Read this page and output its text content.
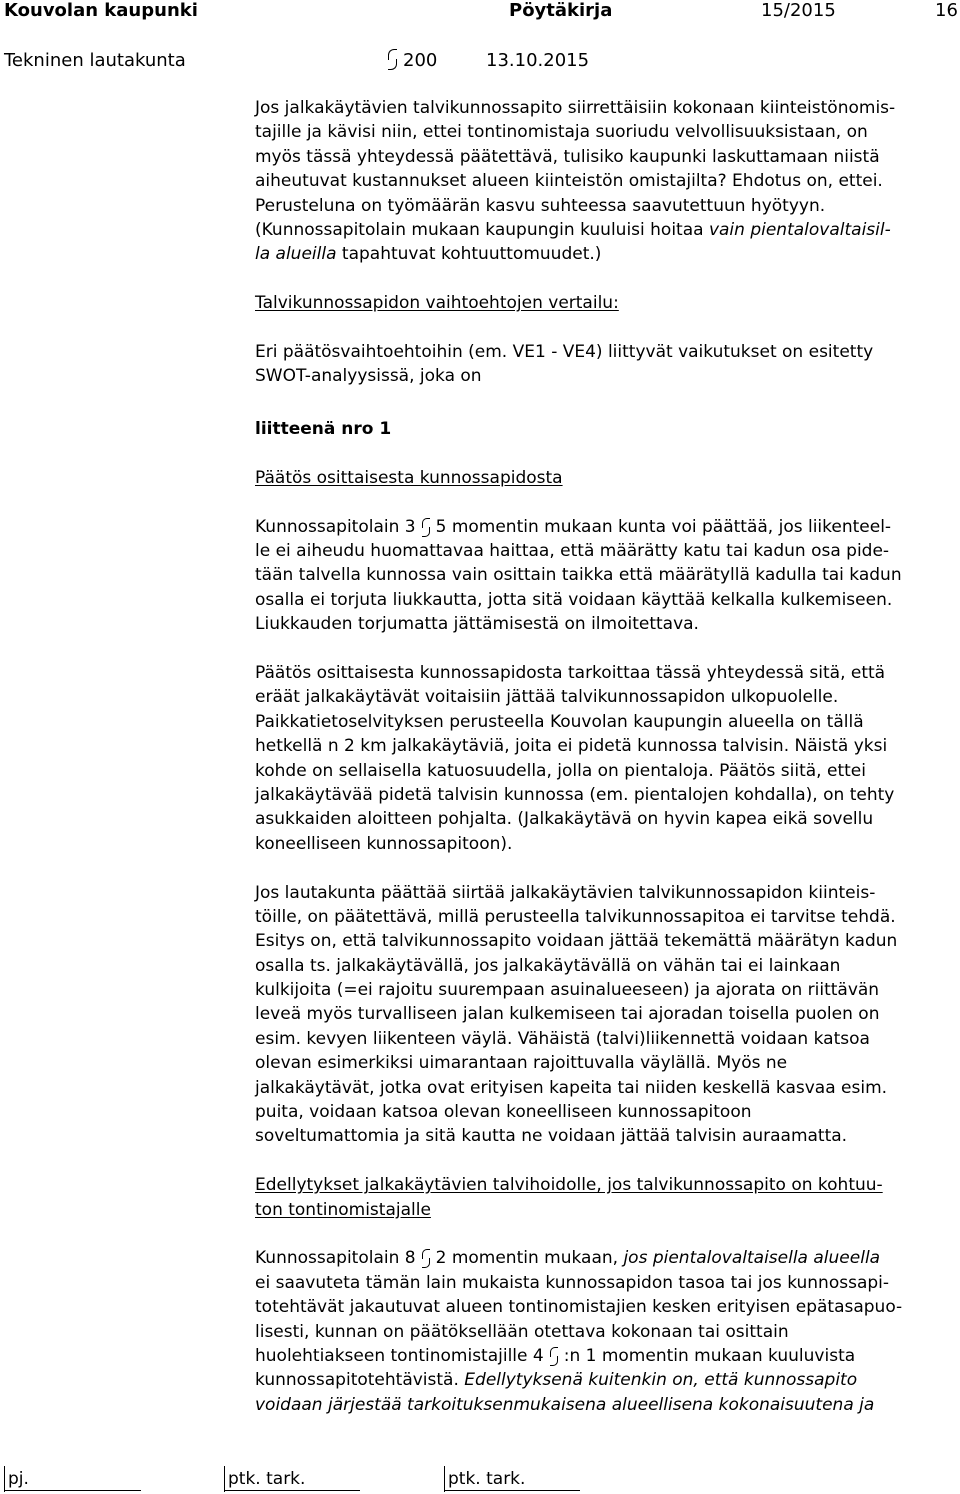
Kouvolan kaupunki	Pöytäkirja	15/2015	16
Tekninen lautakunta	200	13.10.2015
Jos jalkakäytävien talvikunnossapito siirrettäisiin kokonaan kiinteistönomis-
tajille ja kävisi niin, ettei tontinomistaja suoriudu velvollisuuksistaan, on
myös tässä yhteydessä päätettävä, tulisiko kaupunki laskuttamaan niistä
aiheutuvat kustannukset alueen kiinteistön omistajilta? Ehdotus on, ettei.
Perusteluna on työmäärän kasvu suhteessa saavutettuun hyötyyn.
(Kunnossapitolain mukaan kaupungin kuuluisi hoitaa vain pientalovaltaisil-
la alueilla tapahtuvat kohtuuttomuudet.)
Talvikunnossapidon vaihtoehtojen vertailu:
Eri päätösvaihtoehtoihin (em. VE1 - VE4) liittyvät vaikutukset on esitetty
SWOT-analyysissä, joka on
liitteenä nro 1
Päätös osittaisesta kunnossapidosta
Kunnossapitolain 3 5 momentin mukaan kunta voi päättää, jos liikenteel-
le ei aiheudu huomattavaa haittaa, että määrätty katu tai kadun osa pide-
tään talvella kunnossa vain osittain taikka että määrätyllä kadulla tai kadun
osalla ei torjuta liukkautta, jotta sitä voidaan käyttää kelkalla kulkemiseen.
Liukkauden torjumatta jättämisestä on ilmoitettava.
Päätös osittaisesta kunnossapidosta tarkoittaa tässä yhteydessä sitä, että
eräät jalkakäytävät voitaisiin jättää talvikunnossapidon ulkopuolelle.
Paikkatietoselvityksen perusteella Kouvolan kaupungin alueella on tällä
hetkellä n 2 km jalkakäytäviä, joita ei pidetä kunnossa talvisin. Näistä yksi
kohde on sellaisella katuosuudella, jolla on pientaloja. Päätös siitä, ettei
jalkakäytävää pidetä talvisin kunnossa (em. pientalojen kohdalla), on tehty
asukkaiden aloitteen pohjalta. (Jalkakäytävä on hyvin kapea eikä sovellu
koneelliseen kunnossapitoon).
Jos lautakunta päättää siirtää jalkakäytävien talvikunnossapidon kiinteis-
töille, on päätettävä, millä perusteella talvikunnossapitoa ei tarvitse tehdä.
Esitys on, että talvikunnossapito voidaan jättää tekemättä määrätyn kadun
osalla ts. jalkakäytävällä, jos jalkakäytävällä on vähän tai ei lainkaan
kulkijoita (=ei rajoitu suurempaan asuinalueeseen) ja ajorata on riittävän
leveä myös turvalliseen jalan kulkemiseen tai ajoradan toisella puolen on
esim. kevyen liikenteen väylä. Vähäistä (talvi)liikennettä voidaan katsoa
olevan esimerkiksi uimarantaan rajoittuvalla väylällä. Myös ne
jalkakäytävät, jotka ovat erityisen kapeita tai niiden keskellä kasvaa esim.
puita, voidaan katsoa olevan koneelliseen kunnossapitoon
soveltumattomia ja sitä kautta ne voidaan jättää talvisin auraamatta.
Edellytykset jalkakäytävien talvihoidolle, jos talvikunnossapito on kohtuu-
ton tontinomistajalle
Kunnossapitolain 8 2 momentin mukaan, jos pientalovaltaisella alueella
ei saavuteta tämän lain mukaista kunnossapidon tasoa tai jos kunnossapi-
totehtävät jakautuvat alueen tontinomistajien kesken erityisen epätasapuo-
lisesti, kunnan on päätöksellään otettava kokonaan tai osittain
huolehtiakseen tontinomistajille 4 :n 1 momentin mukaan kuuluvista
kunnossapitotehtävistä. Edellytyksenä kuitenkin on, että kunnossapito
voidaan järjestää tarkoituksenmukaisena alueellisena kokonaisuutena ja
pj.	ptk. tark.	ptk. tark.
